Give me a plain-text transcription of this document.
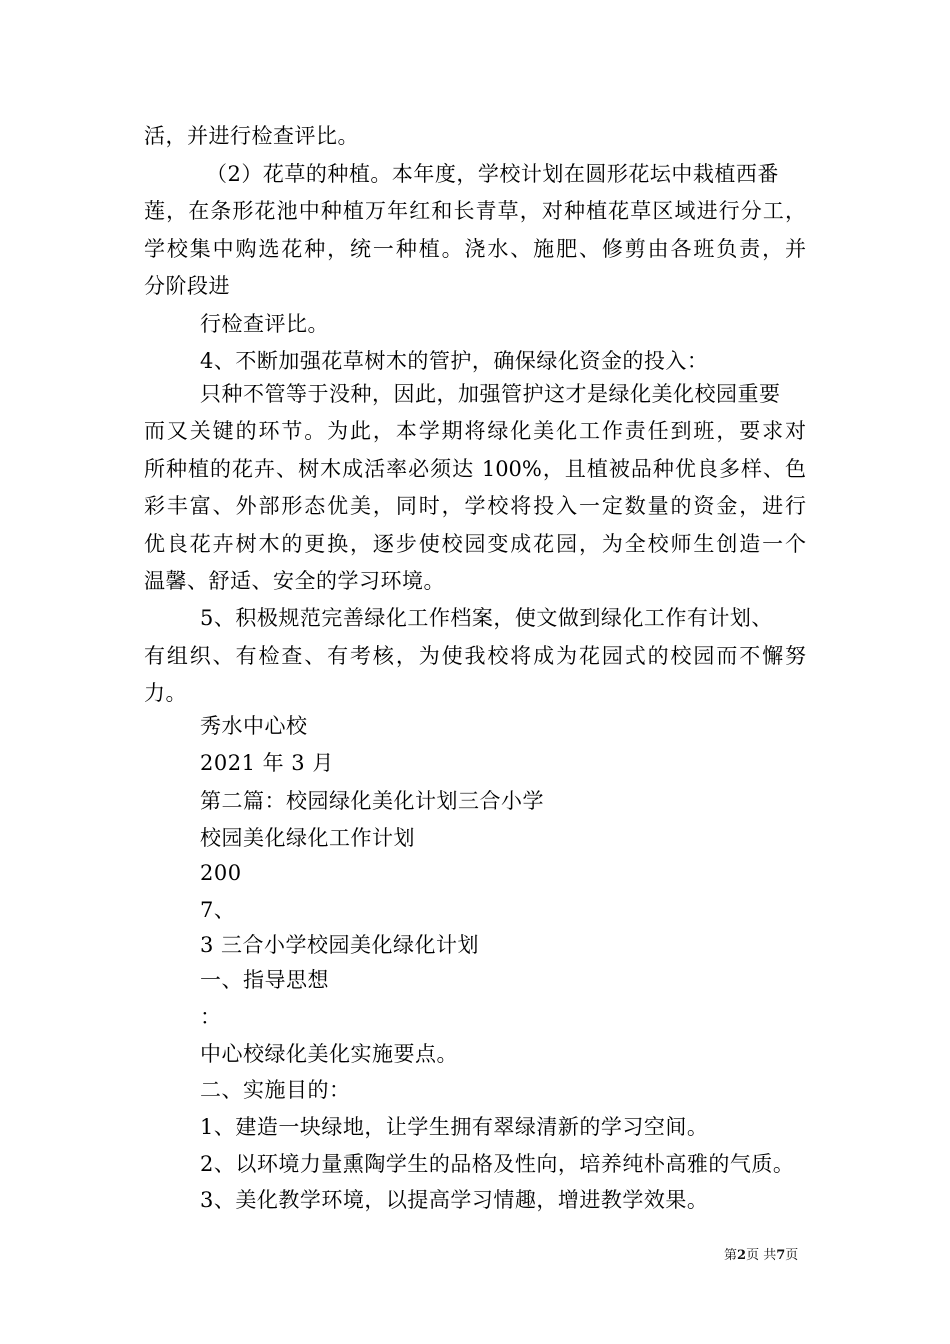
活，并进行检查评比。
（2）花草的种植。本年度，学校计划在圆形花坛中栽植西番
莲，在条形花池中种植万年红和长青草，对种植花草区域进行分工，
学校集中购选花种，统一种植。浇水、施肥、修剪由各班负责，并
分阶段进
行检查评比。
4、不断加强花草树木的管护，确保绿化资金的投入：
只种不管等于没种，因此，加强管护这才是绿化美化校园重要
而又关键的环节。为此，本学期将绿化美化工作责任到班，要求对
所种植的花卉、树木成活率必须达 100%，且植被品种优良多样、色
彩丰富、外部形态优美，同时，学校将投入一定数量的资金，进行
优良花卉树木的更换，逐步使校园变成花园，为全校师生创造一个
温馨、舒适、安全的学习环境。
5、积极规范完善绿化工作档案，使文做到绿化工作有计划、
有组织、有检查、有考核，为使我校将成为花园式的校园而不懈努
力。
秀水中心校
2021 年 3 月
第二篇：校园绿化美化计划三合小学
校园美化绿化工作计划
200
7、
3 三合小学校园美化绿化计划
一、指导思想
：
中心校绿化美化实施要点。
二、实施目的：
1、建造一块绿地，让学生拥有翠绿清新的学习空间。
2、以环境力量熏陶学生的品格及性向，培养纯朴高雅的气质。
3、美化教学环境，以提高学习情趣，增进教学效果。
第2页 共7页
